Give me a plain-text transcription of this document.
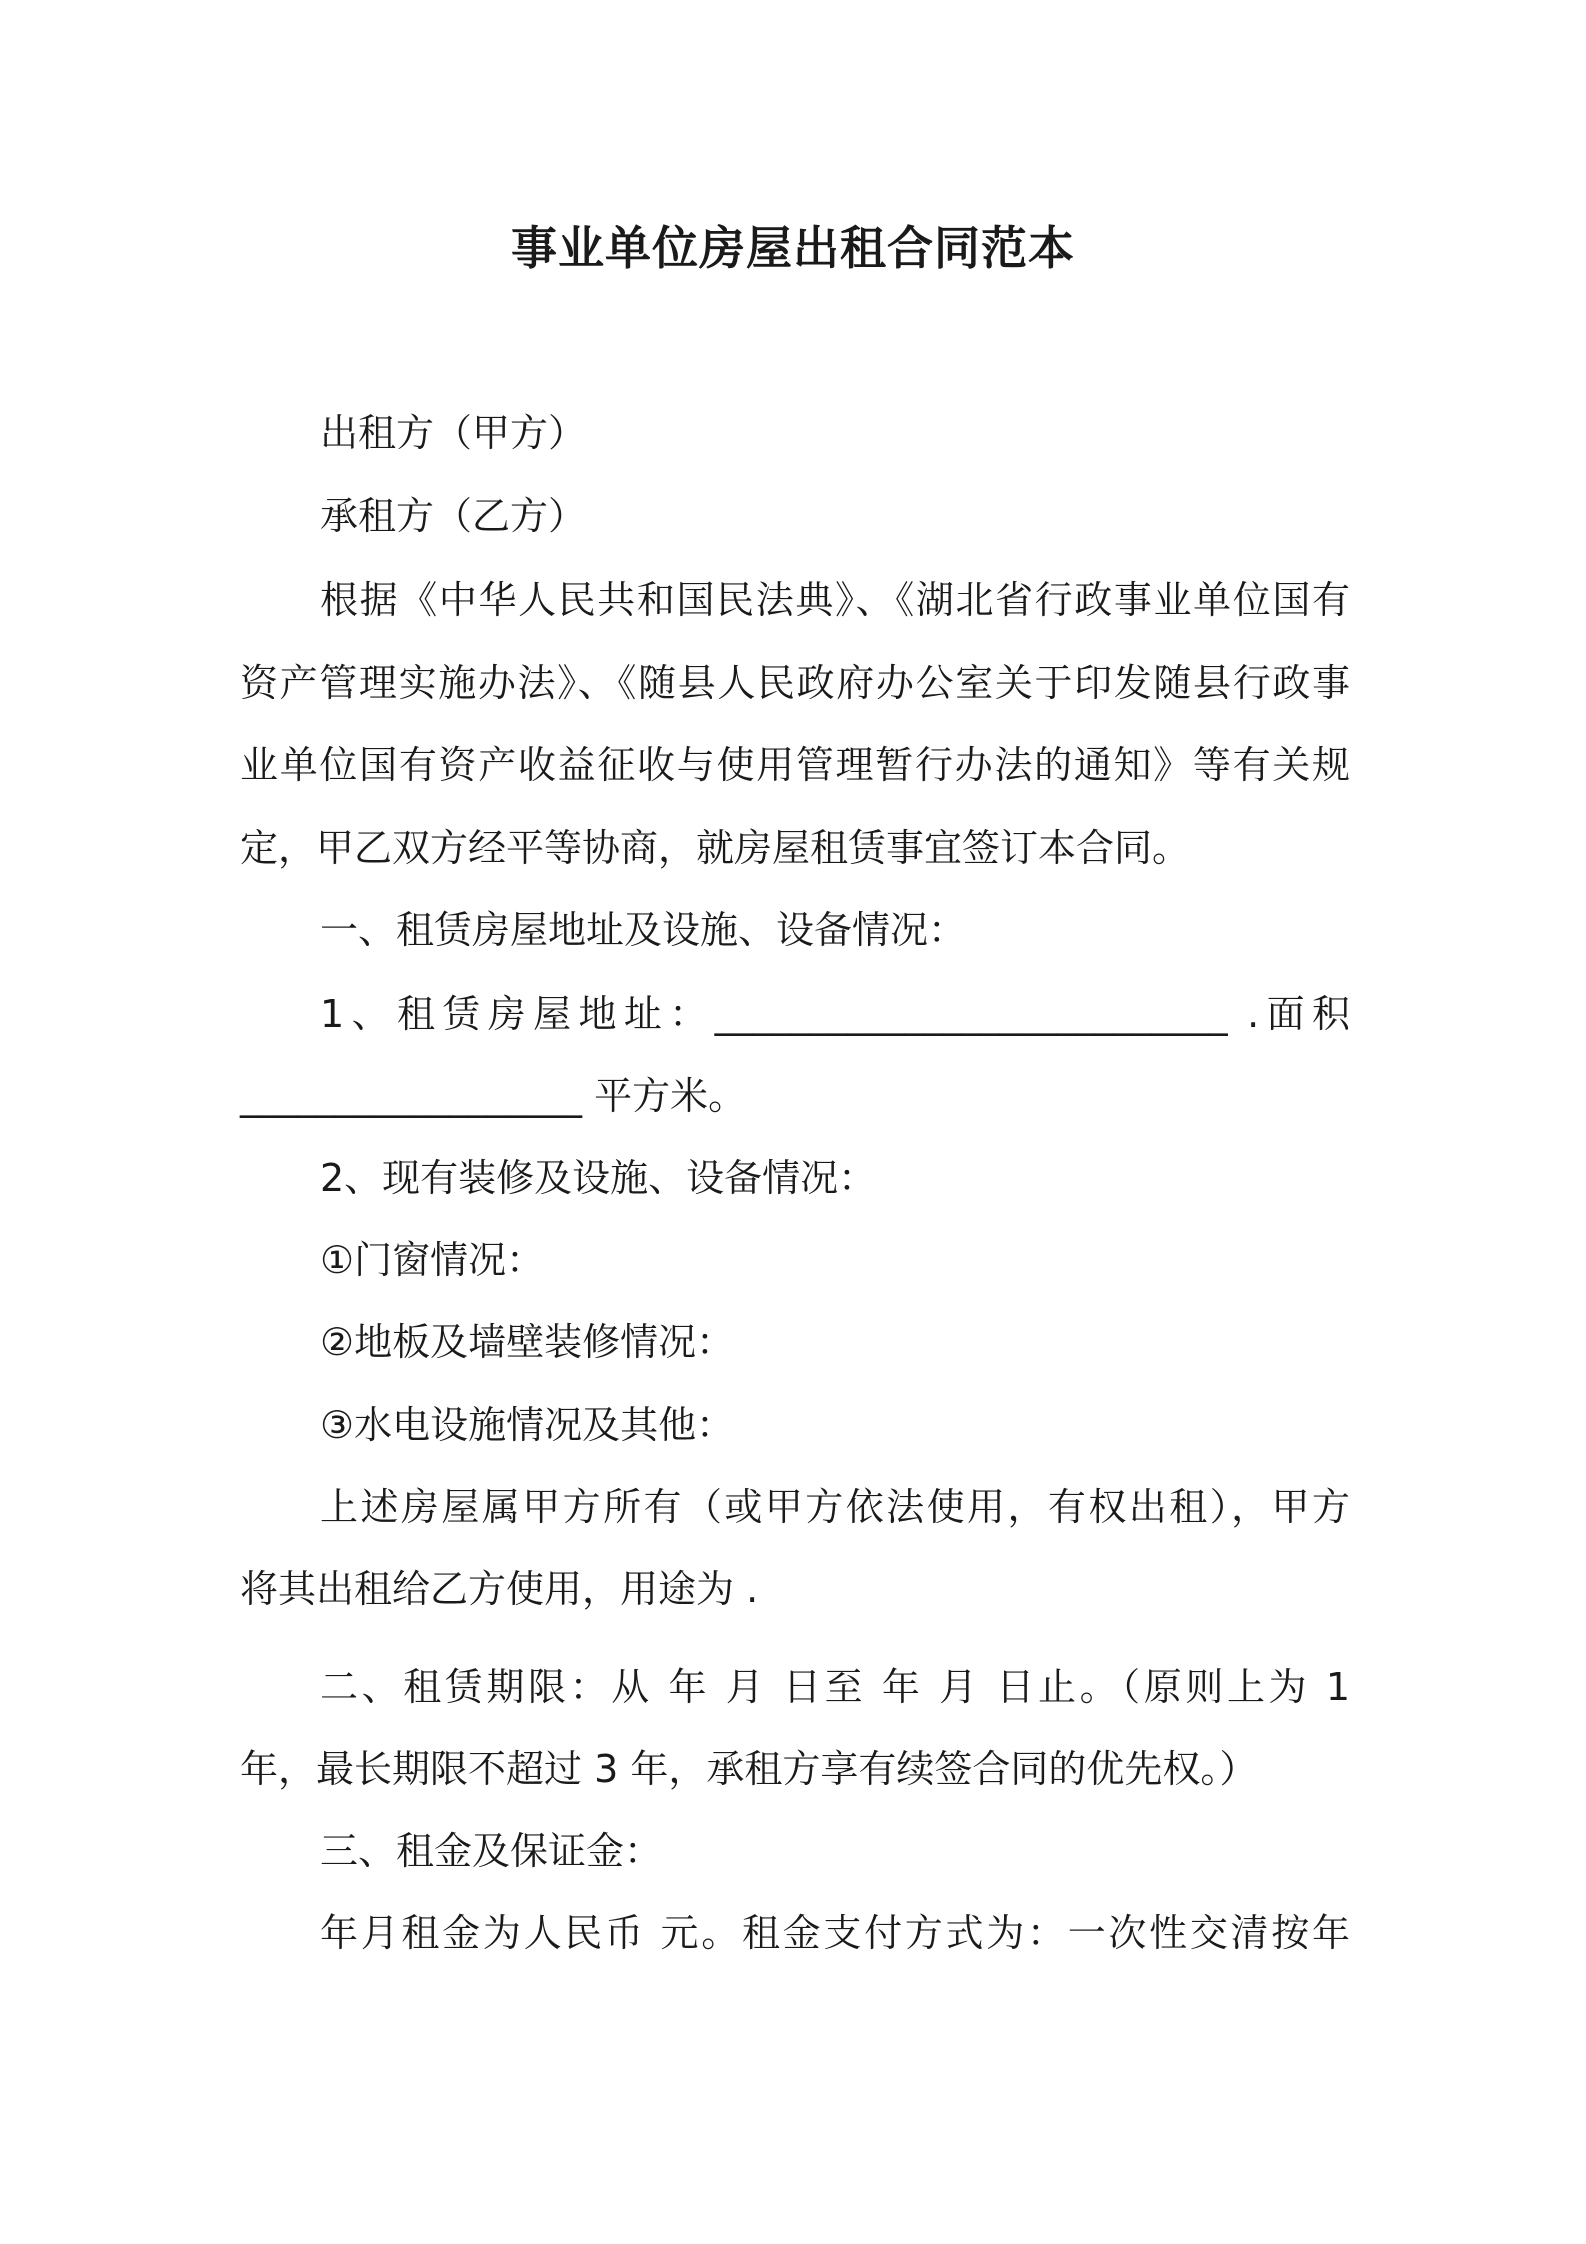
事业单位房屋出租合同范本
出租方（甲方）
承租方（乙方）
根据《中华人民共和国民法典》、《湖北省行政事业单位国有
资产管理实施办法》、《随县人民政府办公室关于印发随县行政事
业单位国有资产收益征收与使用管理暂行办法的通知》等有关规
定，甲乙双方经平等协商，就房屋租赁事宜签订本合同。
一、租赁房屋地址及设施、设备情况：
1、租赁房屋地址：___________________________ .面积
__________________ 平方米。
2、现有装修及设施、设备情况：
①门窗情况：
②地板及墙壁装修情况：
③水电设施情况及其他：
上述房屋属甲方所有（或甲方依法使用，有权出租），甲方
将其出租给乙方使用，用途为 .
二、租赁期限：从 年 月 日至 年 月 日止。（原则上为 1
年，最长期限不超过 3 年，承租方享有续签合同的优先权。）
三、租金及保证金：
年月租金为人民币 元。租金支付方式为：一次性交清按年
